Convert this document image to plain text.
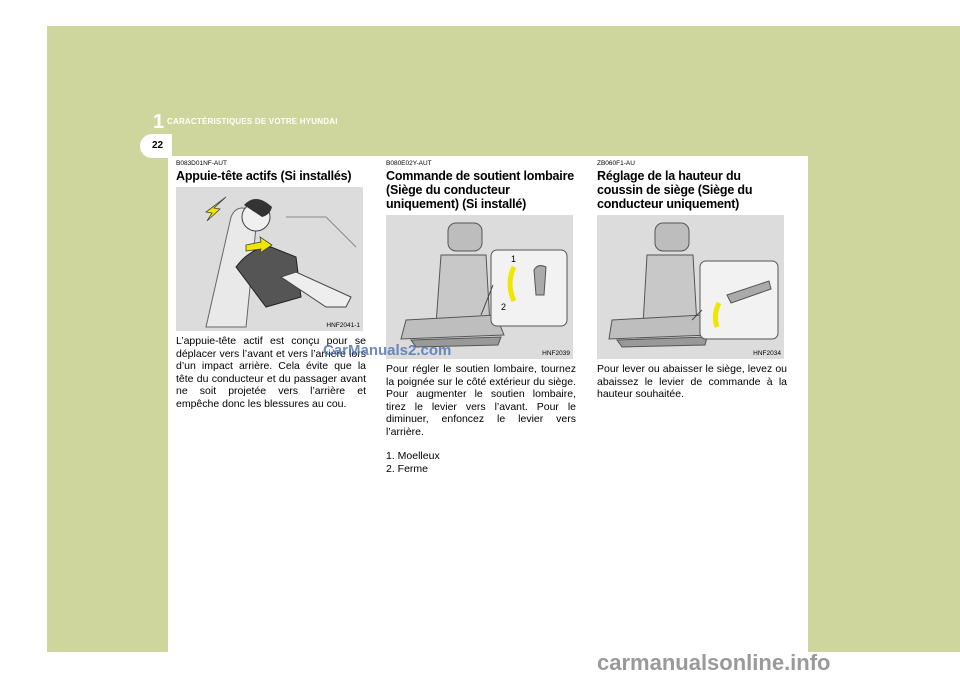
1 CARACTÉRISTIQUES DE VOTRE HYUNDAI
22
B083D01NF-AUT
Appuie-tête actifs (Si installés)
HNF2041-1
L’appuie-tête actif est conçu pour se déplacer vers l’avant et vers l’arrière lors d’un impact arrière. Cela évite que la tête du conducteur et du passager avant ne soit projetée vers l’arrière et empêche donc les blessures au cou.
B080E02Y-AUT
Commande de soutient lombaire (Siège du conducteur uniquement) (Si installé)
1
2
HNF2039
Pour régler le soutien lombaire, tournez la poignée sur le côté extérieur du siège. Pour augmenter le soutien lombaire, tirez le levier vers l’avant. Pour le diminuer, enfoncez le levier vers l’arrière.
1. Moelleux
2. Ferme
ZB060F1-AU
Réglage de la hauteur du coussin de siège (Siège du conducteur uniquement)
HNF2034
Pour lever ou abaisser le siège, levez ou abaissez le levier de commande à la hauteur souhaitée.
CarManuals2.com
carmanualsonline.info
